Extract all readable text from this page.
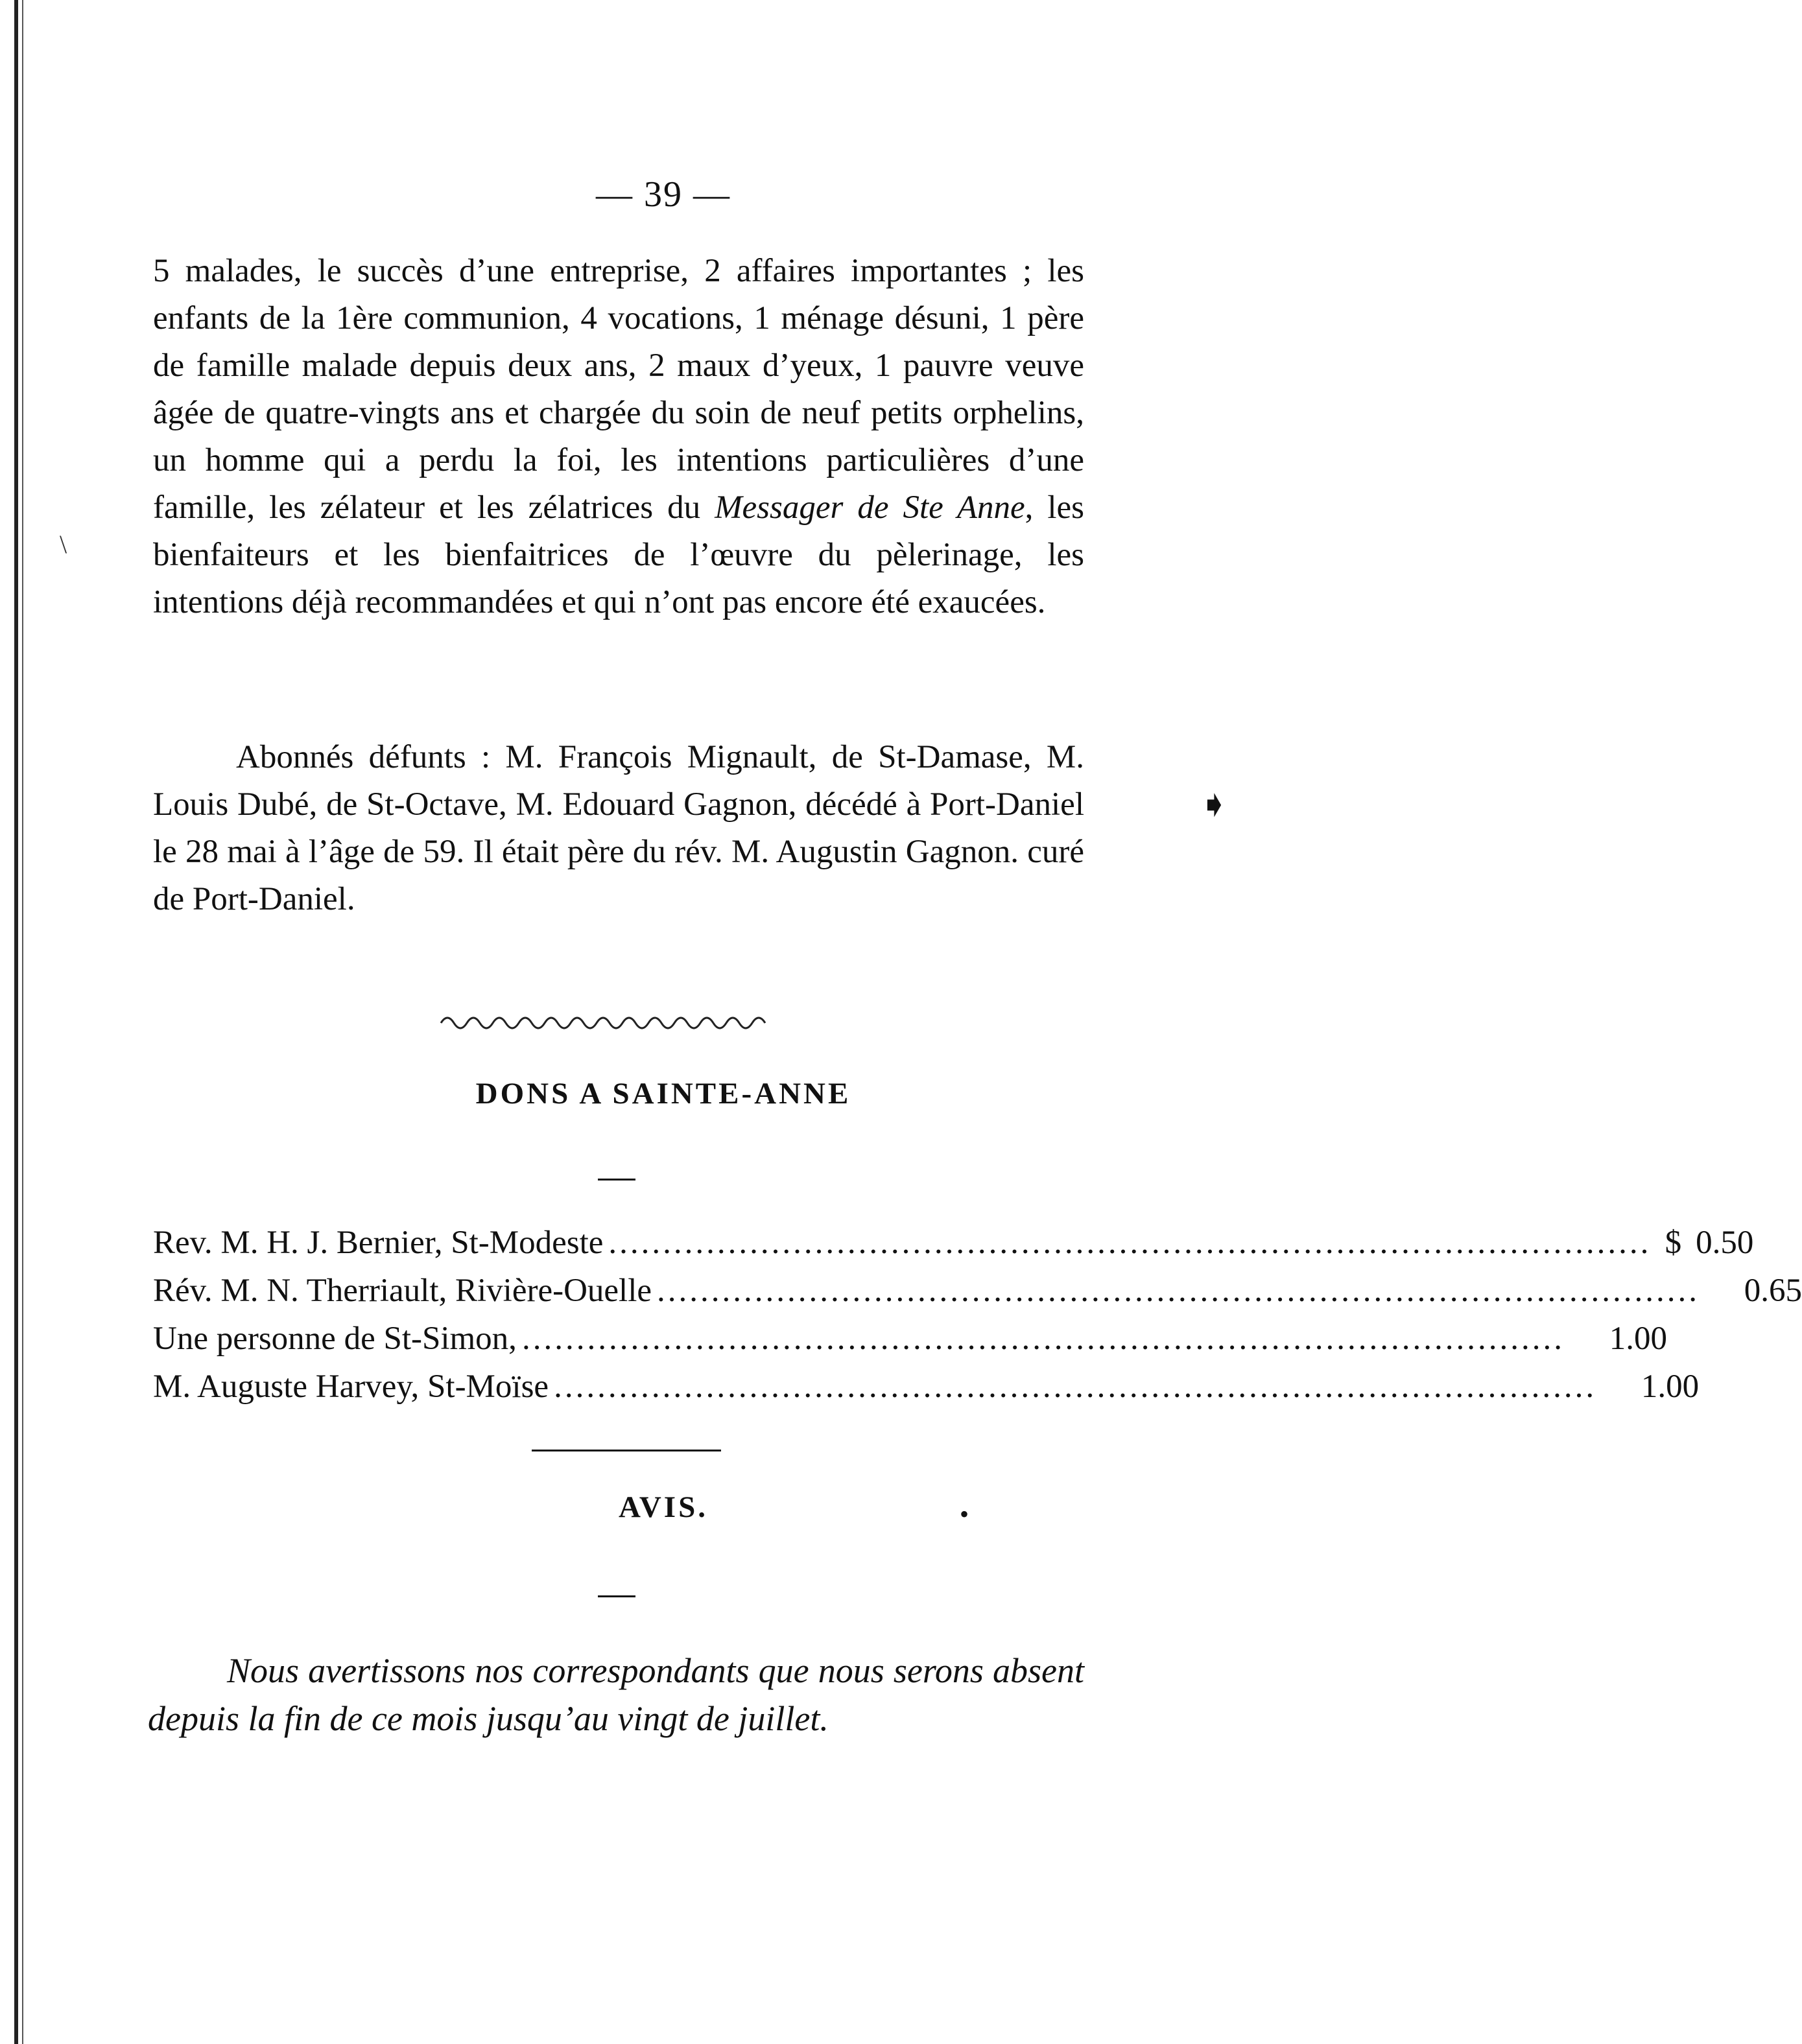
— 39 —
5 malades, le succès d’une entreprise, 2 affaires importantes ; les enfants de la 1ère communion, 4 vocations, 1 ménage désuni, 1 père de famille malade depuis deux ans, 2 maux d’yeux, 1 pauvre veuve âgée de quatre-vingts ans et chargée du soin de neuf petits orphelins, un homme qui a perdu la foi, les intentions particulières d’une famille, les zélateur et les zélatrices du Messager de Ste Anne, les bienfaiteurs et les bienfaitrices de l’œuvre du pèlerinage, les intentions déjà recommandées et qui n’ont pas encore été exaucées.
Abonnés défunts : M. François Mignault, de St-Damase, M. Louis Dubé, de St-Octave, M. Edouard Gagnon, décédé à Port-Daniel le 28 mai à l’âge de 59. Il était père du rév. M. Augustin Gagnon. curé de Port-Daniel.
DONS A SAINTE-ANNE
Rev. M. H. J. Bernier, St-Modeste ................................................................................................ $ 0.50
Rév. M. N. Therriault, Rivière-Ouelle ................................................................................................	0.65
Une personne de St-Simon, ................................................................................................	1.00
M. Auguste Harvey, St-Moïse ................................................................................................	1.00
AVIS.
Nous avertissons nos correspondants que nous serons absent depuis la fin de ce mois jusqu’au vingt de juillet.
➧
\
•
